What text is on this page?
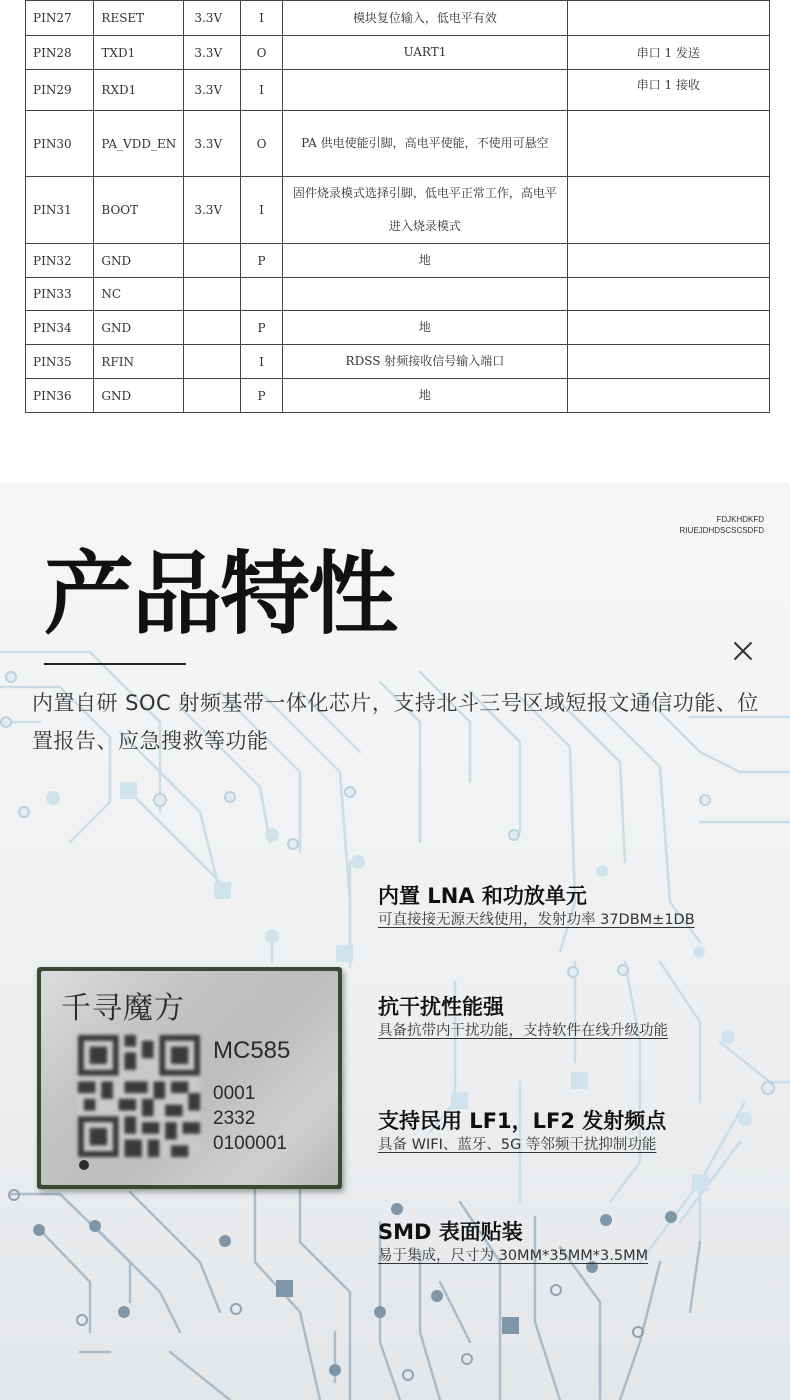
PIN27	RESET	3.3V	I	模块复位输入，低电平有效	
PIN28	TXD1	3.3V	O	UART1	串口 1 发送
PIN29	RXD1	3.3V	I		串口 1 接收
PIN30	PA_VDD_EN	3.3V	O	PA 供电使能引脚，高电平使能，不使用可悬空	
PIN31	BOOT	3.3V	I	固件烧录模式选择引脚，低电平正常工作，高电平进入烧录模式	
PIN32	GND		P	地	
PIN33	NC				
PIN34	GND		P	地	
PIN35	RFIN		I	RDSS 射频接收信号输入端口	
PIN36	GND		P	地	
FDJKHDKFD
RIUEJDHDSCSCSDFD
产品特性

内置自研 SOC 射频基带一体化芯片，支持北斗三号区域短报文通信功能、位置报告、应急搜救等功能

千寻魔方
MC585
0001
2332
0100001
内置 LNA 和功放单元
可直接接无源天线使用，发射功率 37DBM±1DB
抗干扰性能强
具备抗带内干扰功能，支持软件在线升级功能
支持民用 LF1，LF2 发射频点
具备 WIFI、蓝牙、5G 等邻频干扰抑制功能
SMD 表面贴装
易于集成，尺寸为 30MM*35MM*3.5MM
